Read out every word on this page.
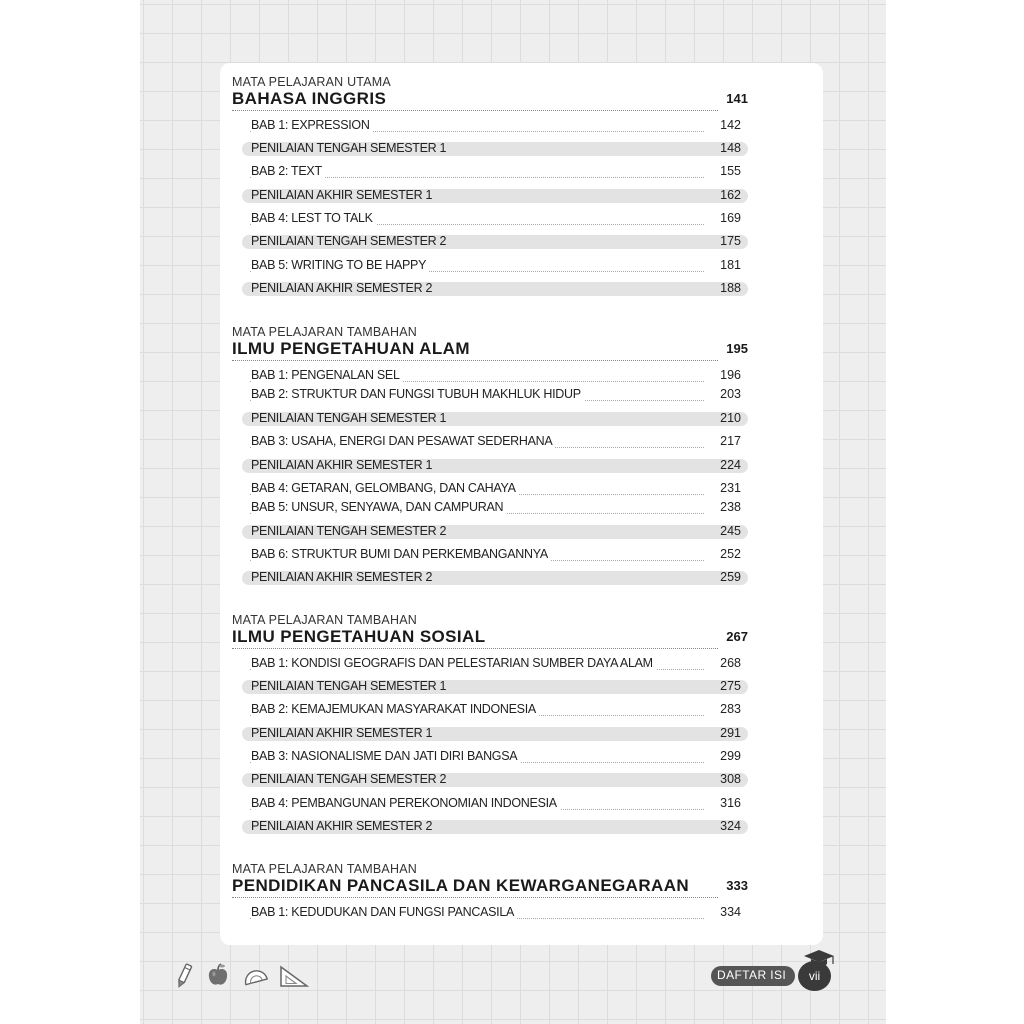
MATA PELAJARAN UTAMA
BAHASA INGGRIS	141
BAB 1: EXPRESSION	142
PENILAIAN TENGAH SEMESTER 1	148
BAB 2: TEXT	155
PENILAIAN AKHIR SEMESTER 1	162
BAB 4: LEST TO TALK	169
PENILAIAN TENGAH SEMESTER 2	175
BAB 5: WRITING TO BE HAPPY	181
PENILAIAN AKHIR SEMESTER 2	188
MATA PELAJARAN TAMBAHAN
ILMU PENGETAHUAN ALAM	195
BAB 1: PENGENALAN SEL	196
BAB 2: STRUKTUR DAN FUNGSI TUBUH MAKHLUK HIDUP	203
PENILAIAN TENGAH SEMESTER 1	210
BAB 3: USAHA, ENERGI DAN PESAWAT SEDERHANA	217
PENILAIAN AKHIR SEMESTER 1	224
BAB 4: GETARAN, GELOMBANG, DAN CAHAYA	231
BAB 5: UNSUR, SENYAWA, DAN CAMPURAN	238
PENILAIAN TENGAH SEMESTER 2	245
BAB 6: STRUKTUR BUMI DAN PERKEMBANGANNYA	252
PENILAIAN AKHIR SEMESTER 2	259
MATA PELAJARAN TAMBAHAN
ILMU PENGETAHUAN SOSIAL	267
BAB 1: KONDISI GEOGRAFIS DAN PELESTARIAN SUMBER DAYA ALAM	268
PENILAIAN TENGAH SEMESTER 1	275
BAB 2: KEMAJEMUKAN MASYARAKAT INDONESIA	283
PENILAIAN AKHIR SEMESTER 1	291
BAB 3: NASIONALISME DAN JATI DIRI BANGSA	299
PENILAIAN TENGAH SEMESTER 2	308
BAB 4: PEMBANGUNAN PEREKONOMIAN INDONESIA	316
PENILAIAN AKHIR SEMESTER 2	324
MATA PELAJARAN TAMBAHAN
PENDIDIKAN PANCASILA DAN KEWARGANEGARAAN	333
BAB 1: KEDUDUKAN DAN FUNGSI PANCASILA	334
DAFTAR ISI	vii
